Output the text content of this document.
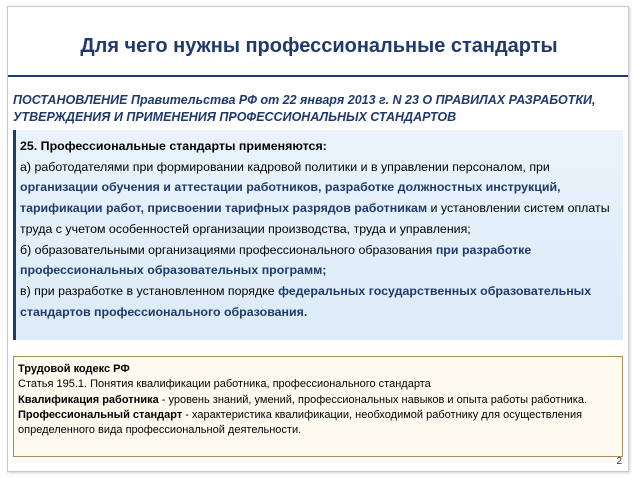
Для чего нужны профессиональные стандарты
ПОСТАНОВЛЕНИЕ Правительства РФ от 22 января 2013 г. N 23 О ПРАВИЛАХ РАЗРАБОТКИ, УТВЕРЖДЕНИЯ И ПРИМЕНЕНИЯ ПРОФЕССИОНАЛЬНЫХ СТАНДАРТОВ

25. Профессиональные стандарты применяются:

а) работодателями при формировании кадровой политики и в управлении персоналом, при организации обучения и аттестации работников, разработке должностных инструкций, тарификации работ, присвоении тарифных разрядов работникам и установлении систем оплаты труда с учетом особенностей организации производства, труда и управления;

б) образовательными организациями профессионального образования при разработке профессиональных образовательных программ;

в) при разработке в установленном порядке федеральных государственных образовательных стандартов профессионального образования.

Трудовой кодекс РФ

Статья 195.1. Понятия квалификации работника, профессионального стандарта

Квалификация работника - уровень знаний, умений, профессиональных навыков и опыта работы работника.

Профессиональный стандарт - характеристика квалификации, необходимой работнику для осуществления определенного вида профессиональной деятельности.

2
